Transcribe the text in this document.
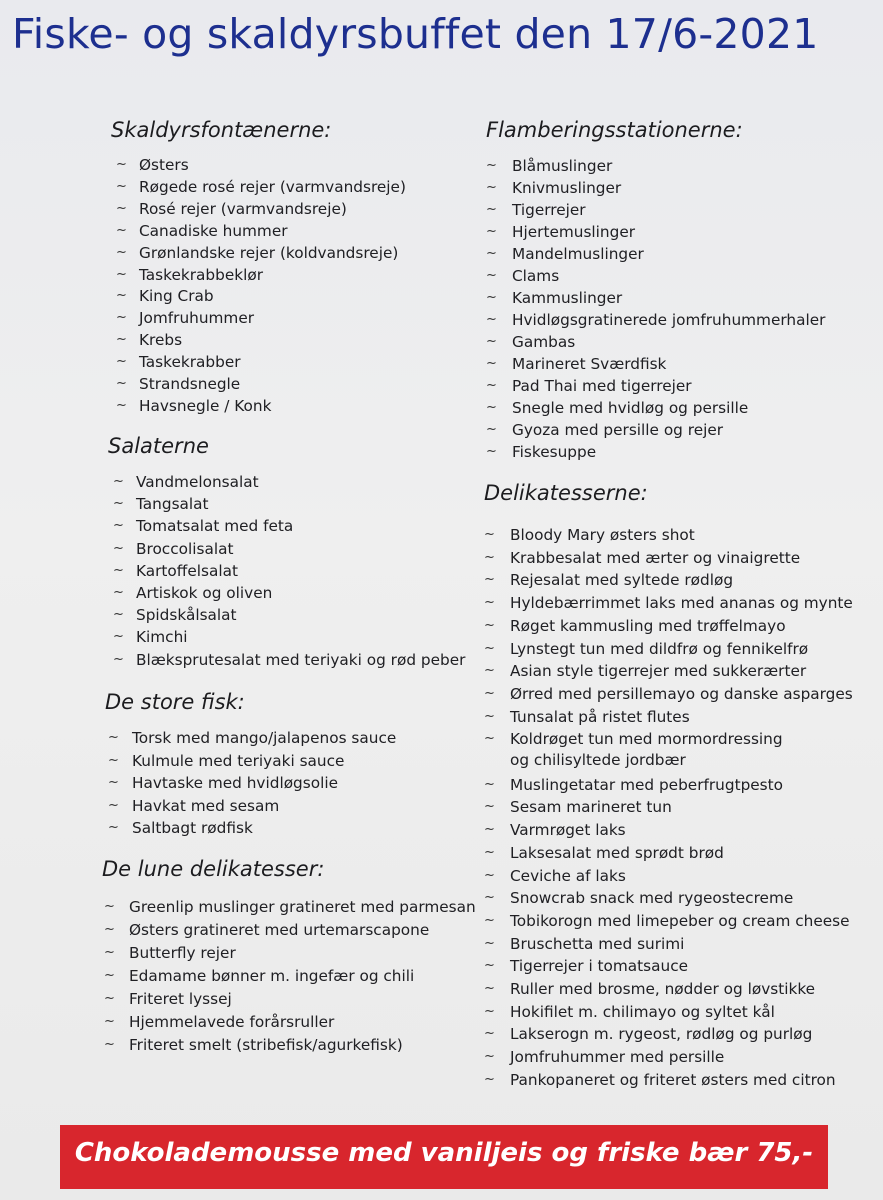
Fiske- og skaldyrsbuffet den 17/6-2021
Skaldyrsfontænerne:
~ Østers
~ Røgede rosé rejer (varmvandsreje)
~ Rosé rejer (varmvandsreje)
~ Canadiske hummer
~ Grønlandske rejer (koldvandsreje)
~ Taskekrabbeklør
~ King Crab
~ Jomfruhummer
~ Krebs
~ Taskekrabber
~ Strandsnegle
~ Havsnegle / Konk
Salaterne
~ Vandmelonsalat
~ Tangsalat
~ Tomatsalat med feta
~ Broccolisalat
~ Kartoffelsalat
~ Artiskok og oliven
~ Spidskålsalat
~ Kimchi
~ Blæksprutesalat med teriyaki og rød peber
De store fisk:
~ Torsk med mango/jalapenos sauce
~ Kulmule med teriyaki sauce
~ Havtaske med hvidløgsolie
~ Havkat med sesam
~ Saltbagt rødfisk
De lune delikatesser:
~ Greenlip muslinger gratineret med parmesan
~ Østers gratineret med urtemarscapone
~ Butterfly rejer
~ Edamame bønner m. ingefær og chili
~ Friteret lyssej
~ Hjemmelavede forårsruller
~ Friteret smelt (stribefisk/agurkefisk)
Flamberingsstationerne:
~ Blåmuslinger
~ Knivmuslinger
~ Tigerrejer
~ Hjertemuslinger
~ Mandelmuslinger
~ Clams
~ Kammuslinger
~ Hvidløgsgratinerede jomfruhummerhaler
~ Gambas
~ Marineret Sværdfisk
~ Pad Thai med tigerrejer
~ Snegle med hvidløg og persille
~ Gyoza med persille og rejer
~ Fiskesuppe
Delikatesserne:
~ Bloody Mary østers shot
~ Krabbesalat med ærter og vinaigrette
~ Rejesalat med syltede rødløg
~ Hyldebærrimmet laks med ananas og mynte
~ Røget kammusling med trøffelmayo
~ Lynstegt tun med dildfrø og fennikelfrø
~ Asian style tigerrejer med sukkerærter
~ Ørred med persillemayo og danske asparges
~ Tunsalat på ristet flutes
~ Koldrøget tun med mormordressing
og chilisyltede jordbær
~ Muslingetatar med peberfrugtpesto
~ Sesam marineret tun
~ Varmrøget laks
~ Laksesalat med sprødt brød
~ Ceviche af laks
~ Snowcrab snack med rygeostecreme
~ Tobikorogn med limepeber og cream cheese
~ Bruschetta med surimi
~ Tigerrejer i tomatsauce
~ Ruller med brosme, nødder og løvstikke
~ Hokifilet m. chilimayo og syltet kål
~ Lakserogn m. rygeost, rødløg og purløg
~ Jomfruhummer med persille
~ Pankopaneret og friteret østers med citron
Chokolademousse med vaniljeis og friske bær 75,-
